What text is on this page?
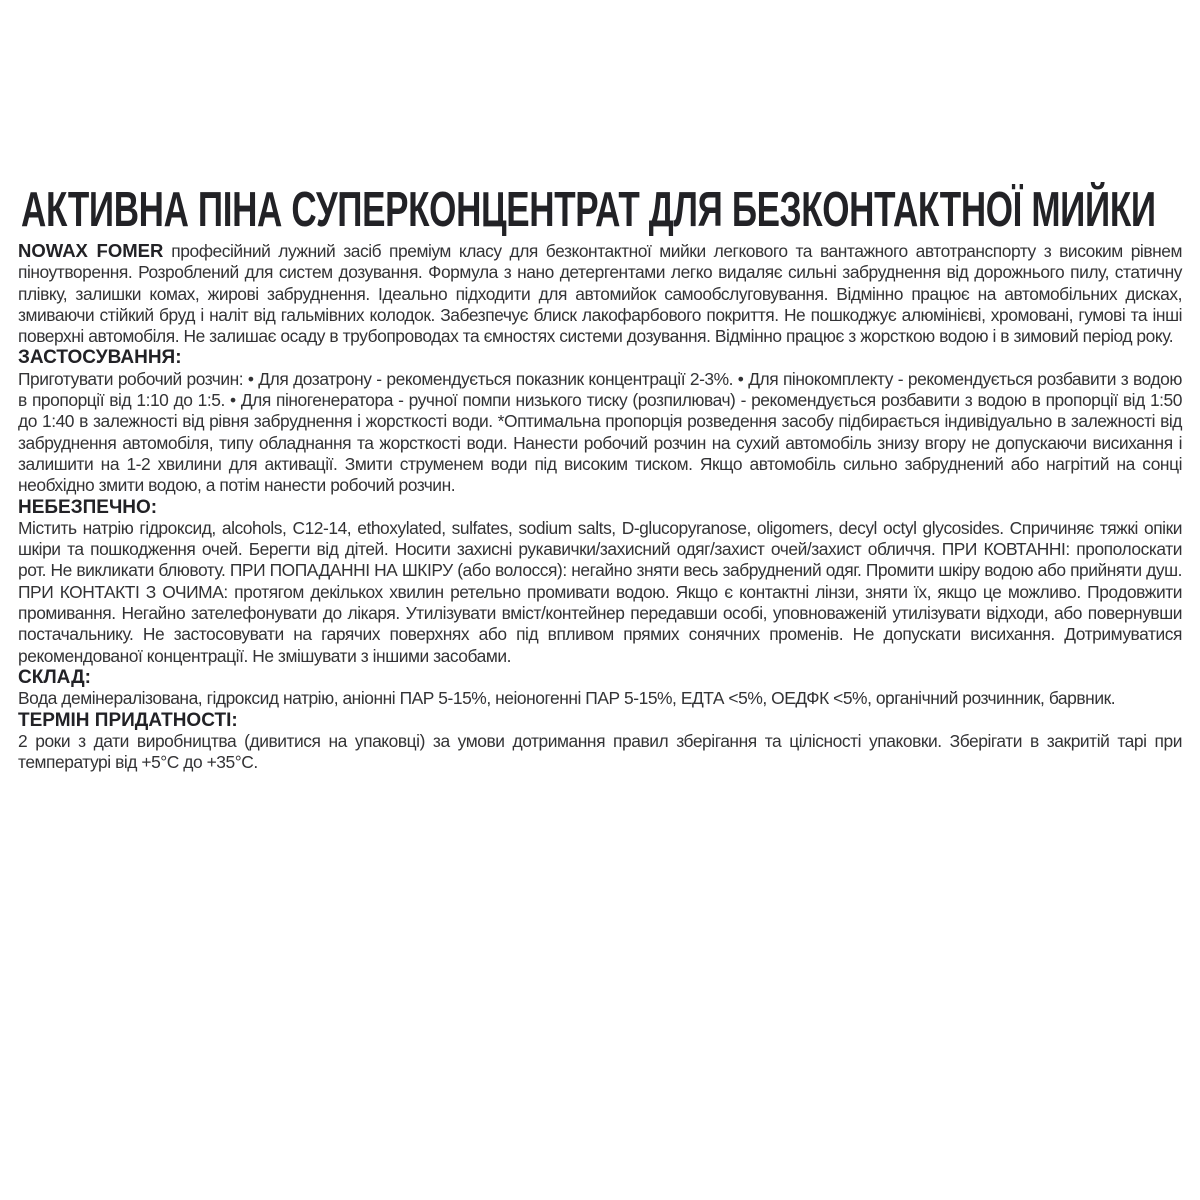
АКТИВНА ПІНА СУПЕРКОНЦЕНТРАТ ДЛЯ БЕЗКОНТАКТНОЇ МИЙКИ

NOWAX FOMER професійний лужний засіб преміум класу для безконтактної мийки легкового та вантажного автотранспорту з високим рівнем піноутворення. Розроблений для систем дозування. Формула з нано детергентами легко видаляє сильні забруднення від дорожнього пилу, статичну плівку, залишки комах, жирові забруднення. Ідеально підходити для автомийок самообслуговування. Відмінно працює на автомобільних дисках, змиваючи стійкий бруд і наліт від гальмівних колодок. Забезпечує блиск лакофарбового покриття. Не пошкоджує алюмінієві, хромовані, гумові та інші поверхні автомобіля. Не залишає осаду в трубопроводах та ємностях системи дозування. Відмінно працює з жорсткою водою і в зимовий період року.

ЗАСТОСУВАННЯ:

Приготувати робочий розчин: • Для дозатрону - рекомендується показник концентрації 2-3%. • Для пінокомплекту - рекомендується розбавити з водою в пропорції від 1:10 до 1:5. • Для піногенератора - ручної помпи низького тиску (розпилювач) - рекомендується розбавити з водою в пропорції від 1:50 до 1:40 в залежності від рівня забруднення і жорсткості води. *Оптимальна пропорція розведення засобу підбирається індивідуально в залежності від забруднення автомобіля, типу обладнання та жорсткості води. Нанести робочий розчин на сухий автомобіль знизу вгору не допускаючи висихання і залишити на 1-2 хвилини для активації. Змити струменем води під високим тиском. Якщо автомобіль сильно забруднений або нагрітий на сонці необхідно змити водою, а потім нанести робочий розчин.

НЕБЕЗПЕЧНО:

Містить натрію гідроксид, alcohols, C12-14, ethoxylated, sulfates, sodium salts, D-glucopyranose, oligomers, decyl octyl glycosides. Спричиняє тяжкі опіки шкіри та пошкодження очей. Берегти від дітей. Носити захисні рукавички/захисний одяг/захист очей/захист обличчя. ПРИ КОВТАННІ: прополоскати рот. Не викликати блювоту. ПРИ ПОПАДАННІ НА ШКІРУ (або волосся): негайно зняти весь забруднений одяг. Промити шкіру водою або прийняти душ. ПРИ КОНТАКТІ З ОЧИМА: протягом декількох хвилин ретельно промивати водою. Якщо є контактні лінзи, зняти їх, якщо це можливо. Продовжити промивання. Негайно зателефонувати до лікаря. Утилізувати вміст/контейнер передавши особі, уповноваженій утилізувати відходи, або повернувши постачальнику. Не застосовувати на гарячих поверхнях або під впливом прямих сонячних променів. Не допускати висихання. Дотримуватися рекомендованої концентрації. Не змішувати з іншими засобами.

СКЛАД:

Вода демінералізована, гідроксид натрію, аніонні ПАР 5-15%, неіоногенні ПАР 5-15%, ЕДТА <5%, ОЕДФК <5%, органічний розчинник, барвник.

ТЕРМІН ПРИДАТНОСТІ:

2 роки з дати виробництва (дивитися на упаковці) за умови дотримання правил зберігання та цілісності упаковки. Зберігати в закритій тарі при температурі від +5°C до +35°C.
